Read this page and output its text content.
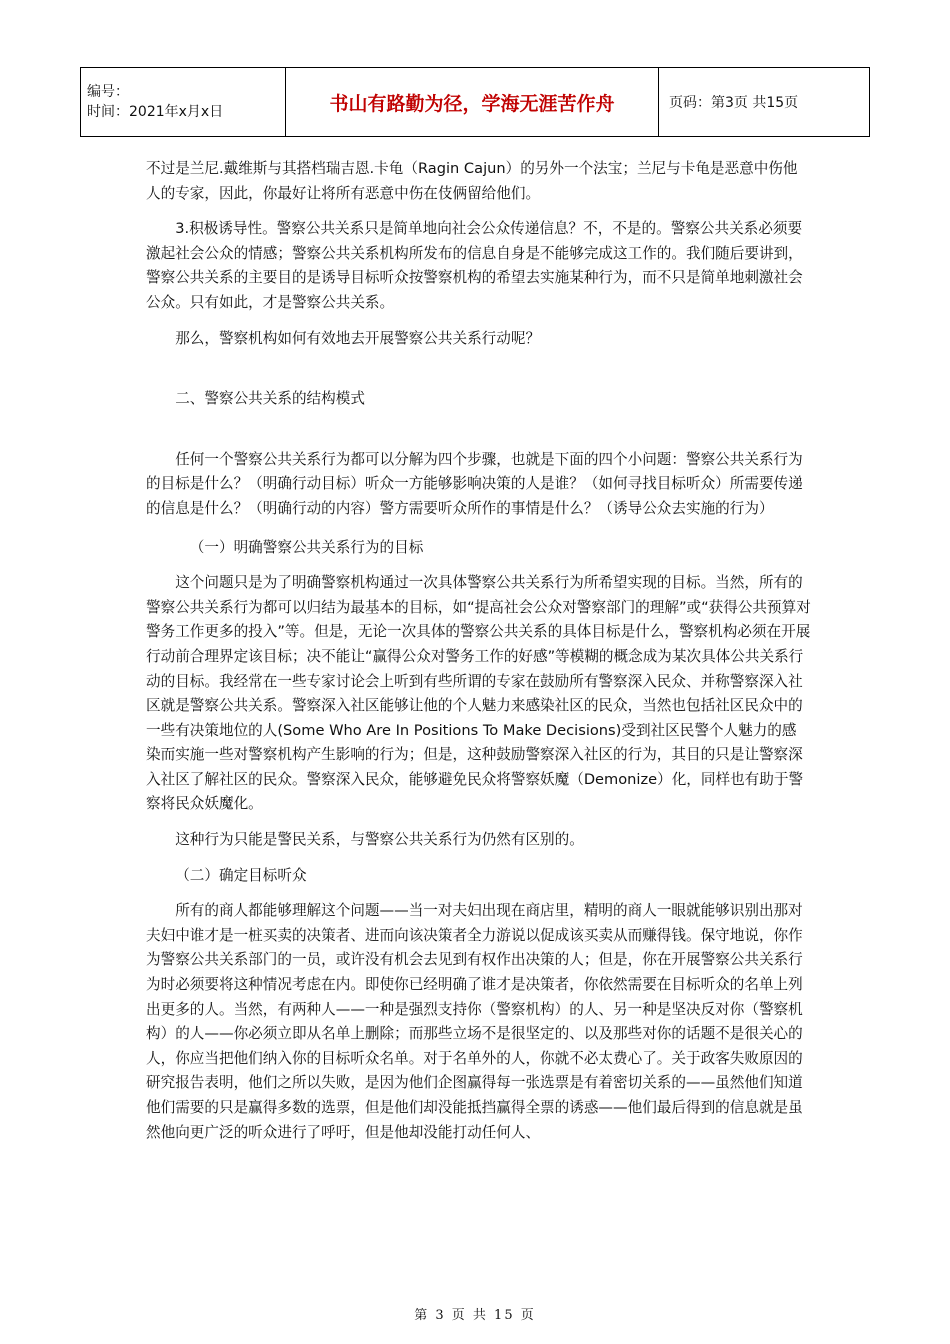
编号：
时间：2021年x月x日	书山有路勤为径，学海无涯苦作舟	页码：第3页 共15页

不过是兰尼.戴维斯与其搭档瑞吉恩.卡龟（Ragin Cajun）的另外一个法宝；兰尼与卡龟是恶意中伤他人的专家，因此，你最好让将所有恶意中伤在伎俩留给他们。

3.积极诱导性。警察公共关系只是简单地向社会公众传递信息？不，不是的。警察公共关系必须要激起社会公众的情感；警察公共关系机构所发布的信息自身是不能够完成这工作的。我们随后要讲到，警察公共关系的主要目的是诱导目标听众按警察机构的希望去实施某种行为，而不只是简单地刺激社会公众。只有如此，才是警察公共关系。

那么，警察机构如何有效地去开展警察公共关系行动呢？

二、警察公共关系的结构模式

任何一个警察公共关系行为都可以分解为四个步骤，也就是下面的四个小问题：警察公共关系行为的目标是什么？（明确行动目标）听众一方能够影响决策的人是谁？（如何寻找目标听众）所需要传递的信息是什么？（明确行动的内容）警方需要听众所作的事情是什么？（诱导公众去实施的行为）

（一）明确警察公共关系行为的目标

这个问题只是为了明确警察机构通过一次具体警察公共关系行为所希望实现的目标。当然，所有的警察公共关系行为都可以归结为最基本的目标，如“提高社会公众对警察部门的理解”或“获得公共预算对警务工作更多的投入”等。但是，无论一次具体的警察公共关系的具体目标是什么，警察机构必须在开展行动前合理界定该目标；决不能让“赢得公众对警务工作的好感”等模糊的概念成为某次具体公共关系行动的目标。我经常在一些专家讨论会上听到有些所谓的专家在鼓励所有警察深入民众、并称警察深入社区就是警察公共关系。警察深入社区能够让他的个人魅力来感染社区的民众，当然也包括社区民众中的一些有决策地位的人(Some Who Are In Positions To Make Decisions)受到社区民警个人魅力的感染而实施一些对警察机构产生影响的行为；但是，这种鼓励警察深入社区的行为，其目的只是让警察深入社区了解社区的民众。警察深入民众，能够避免民众将警察妖魔（Demonize）化，同样也有助于警察将民众妖魔化。

这种行为只能是警民关系，与警察公共关系行为仍然有区别的。

（二）确定目标听众

所有的商人都能够理解这个问题——当一对夫妇出现在商店里，精明的商人一眼就能够识别出那对夫妇中谁才是一桩买卖的决策者、进而向该决策者全力游说以促成该买卖从而赚得钱。保守地说，你作为警察公共关系部门的一员，或许没有机会去见到有权作出决策的人；但是，你在开展警察公共关系行为时必须要将这种情况考虑在内。即使你已经明确了谁才是决策者，你依然需要在目标听众的名单上列出更多的人。当然，有两种人——一种是强烈支持你（警察机构）的人、另一种是坚决反对你（警察机构）的人——你必须立即从名单上删除；而那些立场不是很坚定的、以及那些对你的话题不是很关心的人，你应当把他们纳入你的目标听众名单。对于名单外的人，你就不必太费心了。关于政客失败原因的研究报告表明，他们之所以失败，是因为他们企图赢得每一张选票是有着密切关系的——虽然他们知道他们需要的只是赢得多数的选票，但是他们却没能抵挡赢得全票的诱惑——他们最后得到的信息就是虽然他向更广泛的听众进行了呼吁，但是他却没能打动任何人、

第 3 页 共 15 页
